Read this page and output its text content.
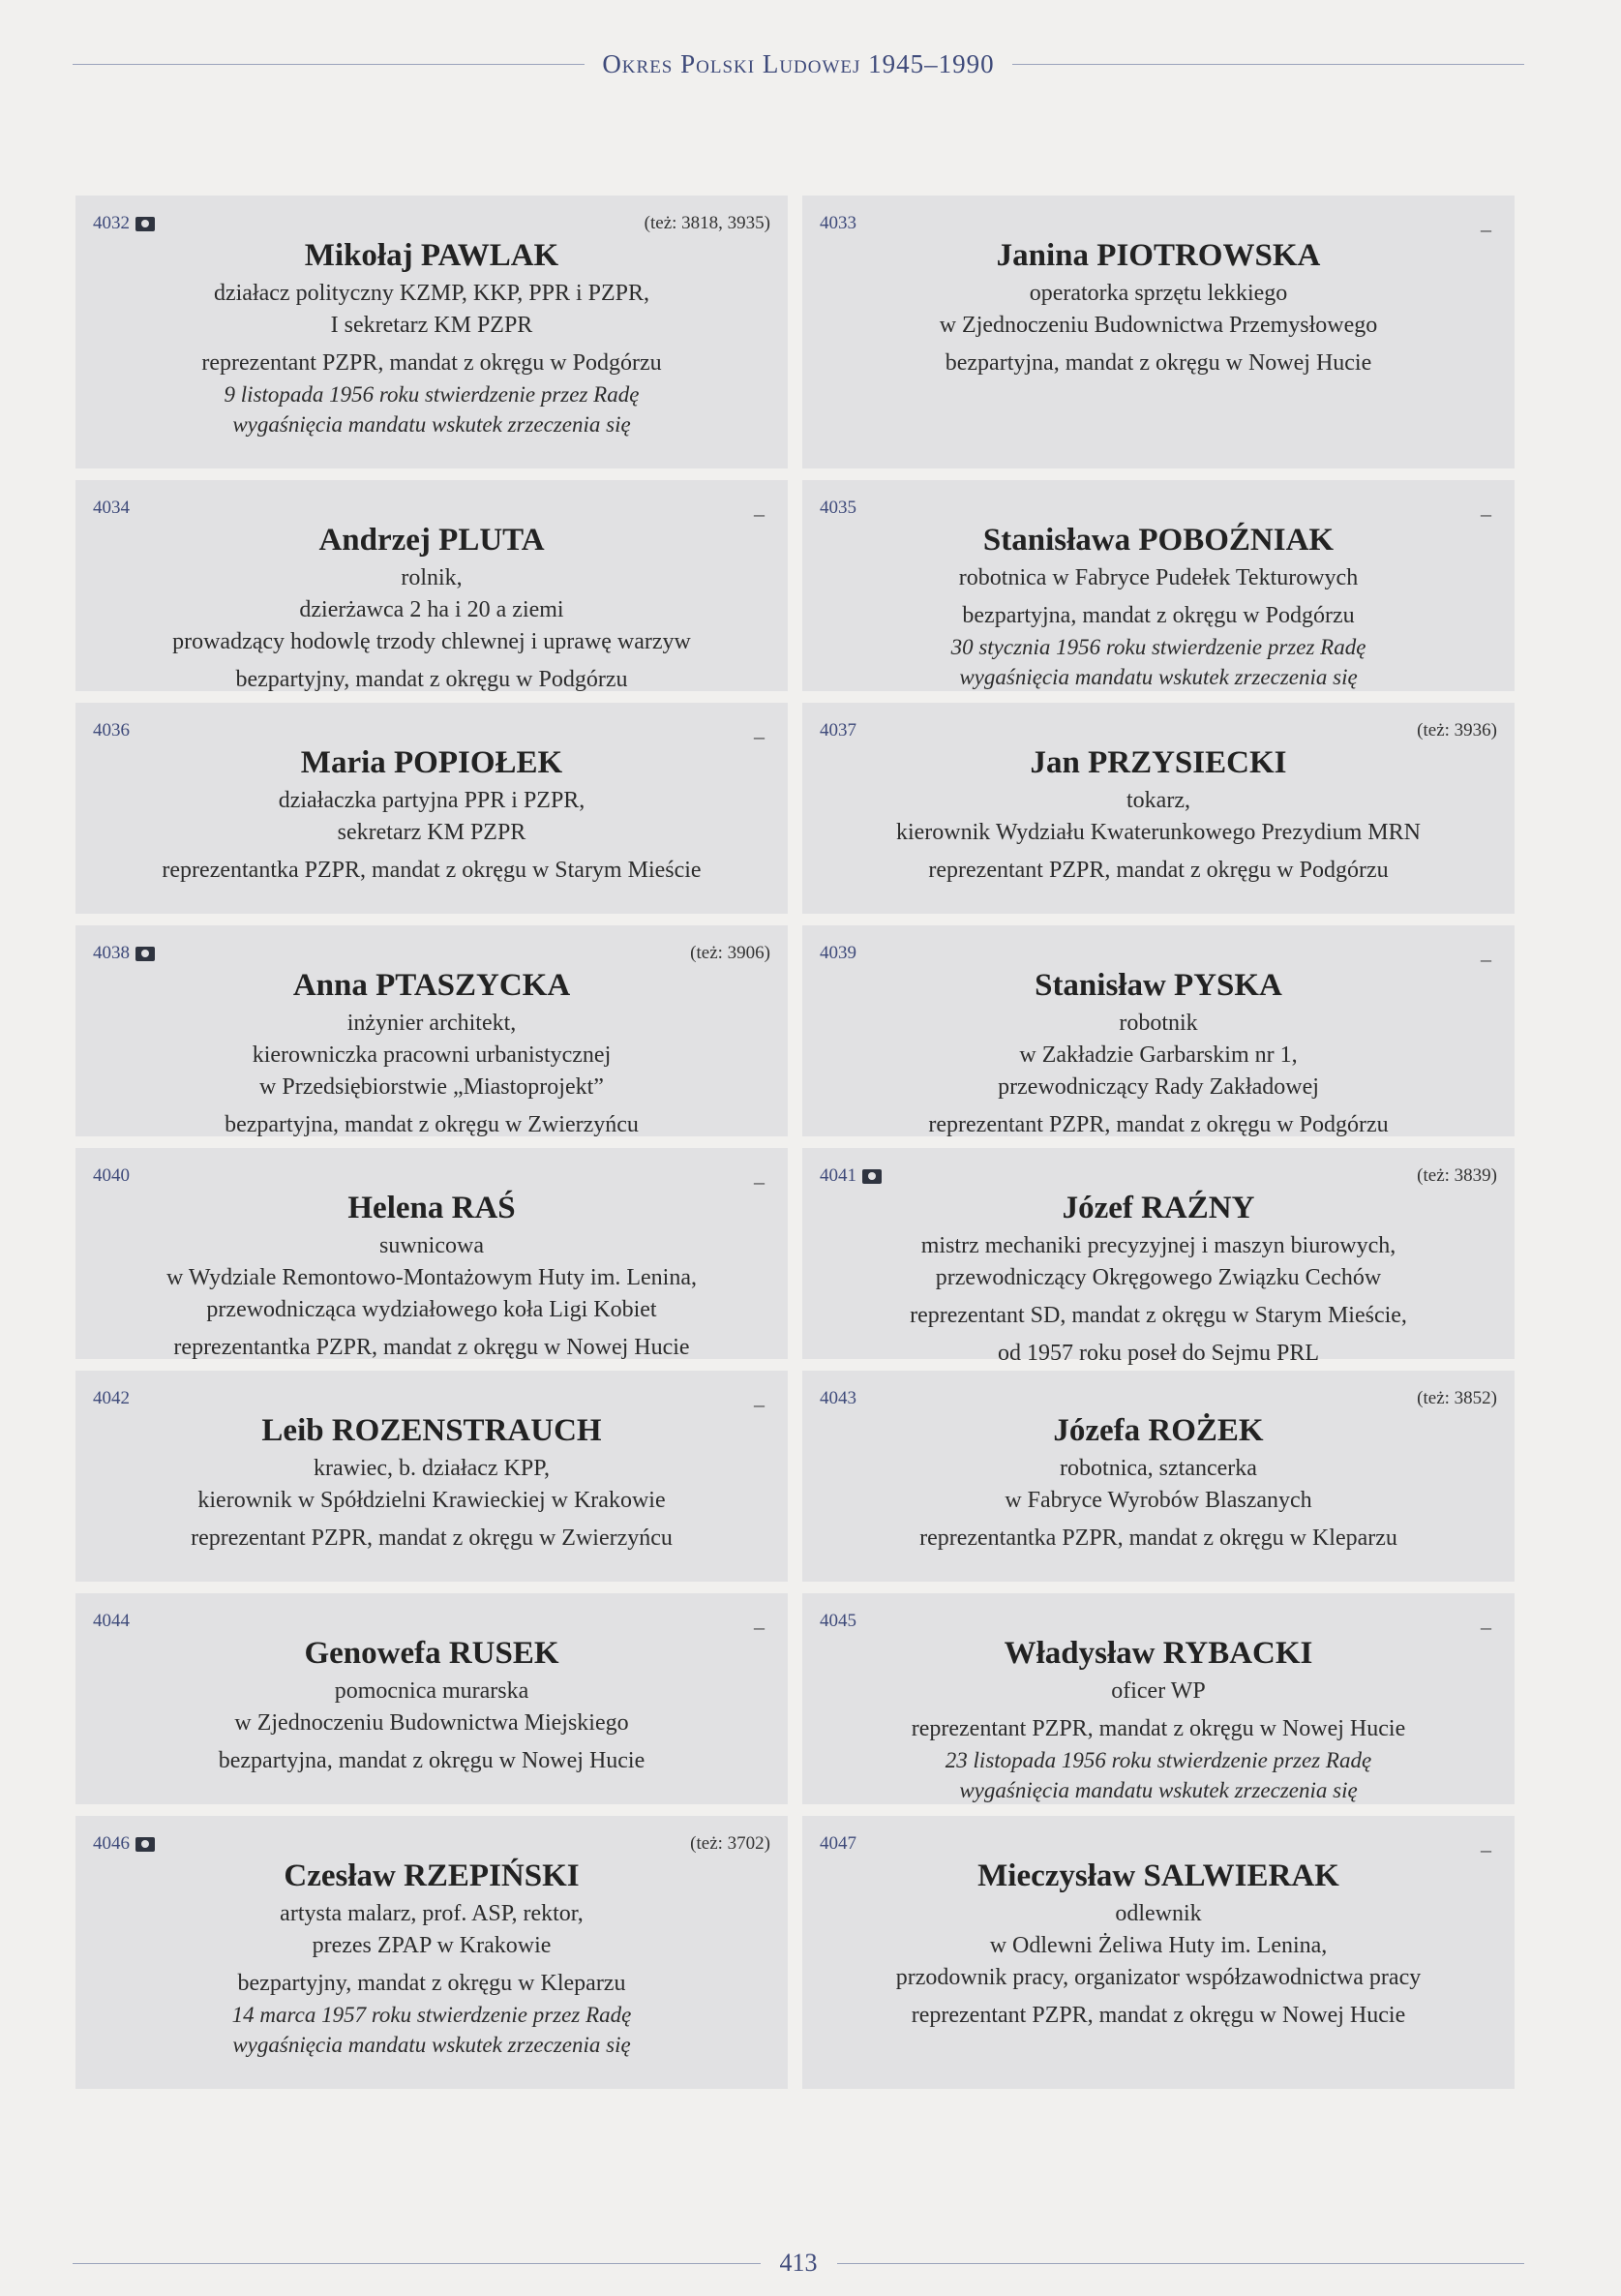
Okres Polski Ludowej 1945–1990
4032	(też: 3818, 3935)
Mikołaj PAWLAK
działacz polityczny KZMP, KKP, PPR i PZPR,
I sekretarz KM PZPR
reprezentant PZPR, mandat z okręgu w Podgórzu
9 listopada 1956 roku stwierdzenie przez Radę
wygaśnięcia mandatu wskutek zrzeczenia się
4033	–
Janina PIOTROWSKA
operatorka sprzętu lekkiego
w Zjednoczeniu Budownictwa Przemysłowego
bezpartyjna, mandat z okręgu w Nowej Hucie
4034	–
Andrzej PLUTA
rolnik,
dzierżawca 2 ha i 20 a ziemi
prowadzący hodowlę trzody chlewnej i uprawę warzyw
bezpartyjny, mandat z okręgu w Podgórzu
4035	–
Stanisława POBOŹNIAK
robotnica w Fabryce Pudełek Tekturowych
bezpartyjna, mandat z okręgu w Podgórzu
30 stycznia 1956 roku stwierdzenie przez Radę
wygaśnięcia mandatu wskutek zrzeczenia się
4036	–
Maria POPIOŁEK
działaczka partyjna PPR i PZPR,
sekretarz KM PZPR
reprezentantka PZPR, mandat z okręgu w Starym Mieście
4037	(też: 3936)
Jan PRZYSIECKI
tokarz,
kierownik Wydziału Kwaterunkowego Prezydium MRN
reprezentant PZPR, mandat z okręgu w Podgórzu
4038	(też: 3906)
Anna PTASZYCKA
inżynier architekt,
kierowniczka pracowni urbanistycznej
w Przedsiębiorstwie „Miastoprojekt”
bezpartyjna, mandat z okręgu w Zwierzyńcu
4039	–
Stanisław PYSKA
robotnik
w Zakładzie Garbarskim nr 1,
przewodniczący Rady Zakładowej
reprezentant PZPR, mandat z okręgu w Podgórzu
4040	–
Helena RAŚ
suwnicowa
w Wydziale Remontowo-Montażowym Huty im. Lenina,
przewodnicząca wydziałowego koła Ligi Kobiet
reprezentantka PZPR, mandat z okręgu w Nowej Hucie
4041	(też: 3839)
Józef RAŹNY
mistrz mechaniki precyzyjnej i maszyn biurowych,
przewodniczący Okręgowego Związku Cechów
reprezentant SD, mandat z okręgu w Starym Mieście,
od 1957 roku poseł do Sejmu PRL
4042	–
Leib ROZENSTRAUCH
krawiec, b. działacz KPP,
kierownik w Spółdzielni Krawieckiej w Krakowie
reprezentant PZPR, mandat z okręgu w Zwierzyńcu
4043	(też: 3852)
Józefa ROŻEK
robotnica, sztancerka
w Fabryce Wyrobów Blaszanych
reprezentantka PZPR, mandat z okręgu w Kleparzu
4044	–
Genowefa RUSEK
pomocnica murarska
w Zjednoczeniu Budownictwa Miejskiego
bezpartyjna, mandat z okręgu w Nowej Hucie
4045	–
Władysław RYBACKI
oficer WP
reprezentant PZPR, mandat z okręgu w Nowej Hucie
23 listopada 1956 roku stwierdzenie przez Radę
wygaśnięcia mandatu wskutek zrzeczenia się
4046	(też: 3702)
Czesław RZEPIŃSKI
artysta malarz, prof. ASP, rektor,
prezes ZPAP w Krakowie
bezpartyjny, mandat z okręgu w Kleparzu
14 marca 1957 roku stwierdzenie przez Radę
wygaśnięcia mandatu wskutek zrzeczenia się
4047	–
Mieczysław SALWIERAK
odlewnik
w Odlewni Żeliwa Huty im. Lenina,
przodownik pracy, organizator współzawodnictwa pracy
reprezentant PZPR, mandat z okręgu w Nowej Hucie
413
